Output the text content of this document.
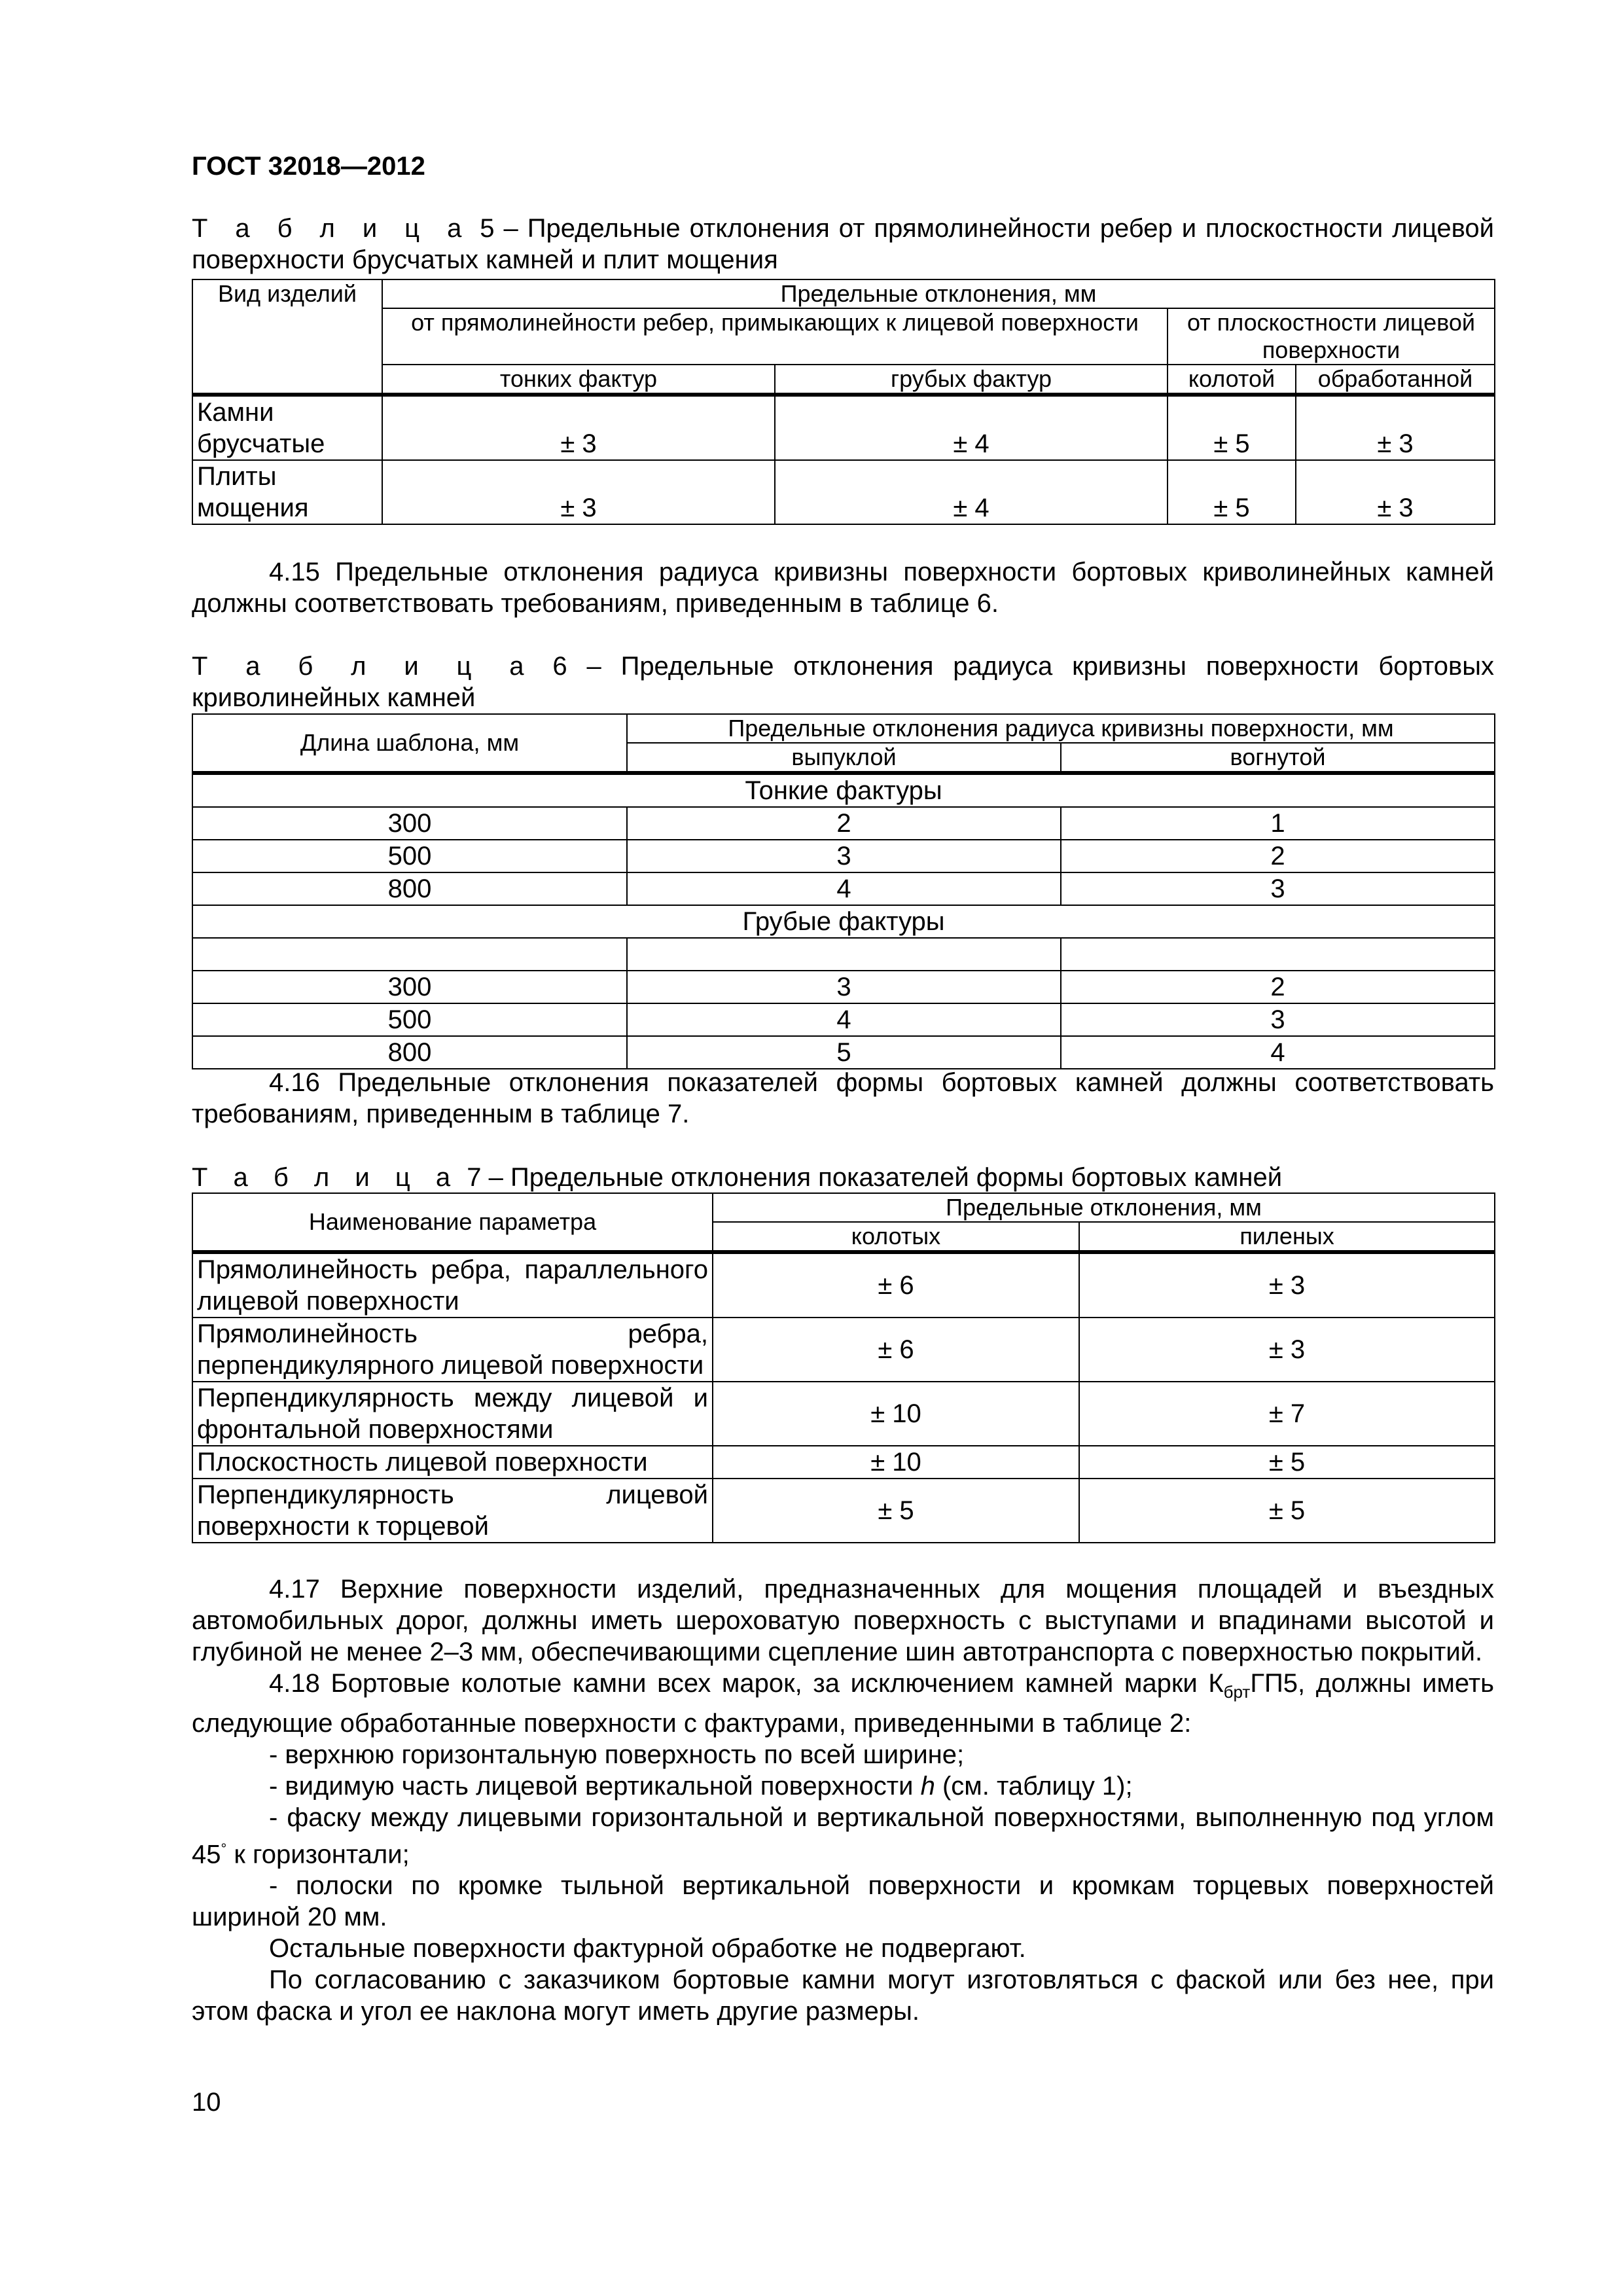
ГОСТ 32018—2012
Т а б л и ц а 5 – Предельные отклонения от прямолинейности ребер и плоскостности лицевой поверхности брусчатых камней и плит мощения
Вид изделий	Предельные отклонения, мм			
	от прямолинейности ребер, примыкающих к лицевой поверхности		от плоскостности лицевой поверхности	
	тонких фактур	грубых фактур	колотой	обработанной
Камни брусчатые	± 3	± 4	± 5	± 3
Плиты мощения	± 3	± 4	± 5	± 3

4.15 Предельные отклонения радиуса кривизны поверхности бортовых криволинейных камней должны соответствовать требованиям, приведенным в таблице 6.

Т а б л и ц а 6 – Предельные отклонения радиуса кривизны поверхности бортовых криволинейных камней
Длина шаблона, мм	Предельные отклонения радиуса кривизны поверхности, мм	
	выпуклой	вогнутой
Тонкие фактуры		
300	2	1
500	3	2
800	4	3
Грубые фактуры		

300	3	2
500	4	3
800	5	4

4.16 Предельные отклонения показателей формы бортовых камней должны соответствовать требованиям, приведенным в таблице 7.

Т а б л и ц а 7 – Предельные отклонения показателей формы бортовых камней
Наименование параметра	Предельные отклонения, мм	
	колотых	пиленых
Прямолинейность ребра, параллельного лицевой поверхности	± 6	± 3
Прямолинейность ребра, перпендикулярного лицевой поверхности	± 6	± 3
Перпендикулярность между лицевой и фронтальной поверхностями	± 10	± 7
Плоскостность лицевой поверхности	± 10	± 5
Перпендикулярность лицевой поверхности к торцевой	± 5	± 5

4.17 Верхние поверхности изделий, предназначенных для мощения площадей и въездных автомобильных дорог, должны иметь шероховатую поверхность с выступами и впадинами высотой и глубиной не менее 2–3 мм, обеспечивающими сцепление шин автотранспорта с поверхностью покрытий.

4.18 Бортовые колотые камни всех марок, за исключением камней марки $К_{брт}ГП5$, должны иметь следующие обработанные поверхности с фактурами, приведенными в таблице 2:

- верхнюю горизонтальную поверхность по всей ширине;

- видимую часть лицевой вертикальной поверхности h (см. таблицу 1);

- фаску между лицевыми горизонтальной и вертикальной поверхностями, выполненную под углом 45° к горизонтали;

- полоски по кромке тыльной вертикальной поверхности и кромкам торцевых поверхностей шириной 20 мм.

Остальные поверхности фактурной обработке не подвергают.

По согласованию с заказчиком бортовые камни могут изготовляться с фаской или без нее, при этом фаска и угол ее наклона могут иметь другие размеры.

10
